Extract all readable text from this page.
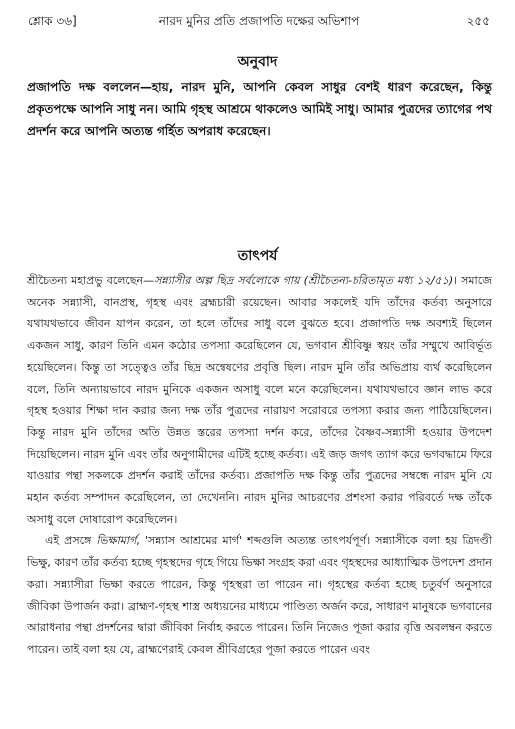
শ্লোক ৩৬]	নারদ মুনির প্রতি প্রজাপতি দক্ষের অভিশাপ	২৫৫
অনুবাদ
প্রজাপতি দক্ষ বললেন—হায়, নারদ মুনি, আপনি কেবল সাধুর বেশই ধারণ করেছেন, কিন্তু প্রকৃতপক্ষে আপনি সাধু নন। আমি গৃহস্থ আশ্রমে থাকলেও আমিই সাধু। আমার পুত্রদের ত্যাগের পথ প্রদর্শন করে আপনি অত্যন্ত গর্হিত অপরাধ করেছেন।
তাৎপর্য

শ্রীচৈতন্য মহাপ্রভু বলেছেন—সন্ন্যাসীর অল্প ছিদ্র সর্বলোকে গায় (শ্রীচৈতন্য-চরিতামৃত মধ্য ১২/৫১)। সমাজে অনেক সন্ন্যাসী, বানপ্রস্থ, গৃহস্থ এবং ব্রহ্মচারী রয়েছেন। আবার সকলেই যদি তাঁদের কর্তব্য অনুসারে যথাযথভাবে জীবন যাপন করেন, তা হলে তাঁদের সাধু বলে বুঝতে হবে। প্রজাপতি দক্ষ অবশ্যই ছিলেন একজন সাধু, কারণ তিনি এমন কঠোর তপস্যা করেছিলেন যে, ভগবান শ্রীবিষ্ণু স্বয়ং তাঁর সম্মুখে আবির্ভূত হয়েছিলেন। কিন্তু তা সত্ত্বেও তাঁর ছিদ্র অন্বেষণের প্রবৃত্তি ছিল। নারদ মুনি তাঁর অভিপ্রায় ব্যর্থ করেছিলেন বলে, তিনি অন্যায়ভাবে নারদ মুনিকে একজন অসাধু বলে মনে করেছিলেন। যথাযথভাবে জ্ঞান লাভ করে গৃহস্থ হওয়ার শিক্ষা দান করার জন্য দক্ষ তাঁর পুত্রদের নারায়ণ সরোবরে তপস্যা করার জন্য পাঠিয়েছিলেন। কিন্তু নারদ মুনি তাঁদের অতি উন্নত স্তরের তপস্যা দর্শন করে, তাঁদের বৈষ্ণব-সন্ন্যাসী হওয়ার উপদেশ দিয়েছিলেন। নারদ মুনি এবং তাঁর অনুগামীদের এটিই হচ্ছে কর্তব্য। এই জড় জগৎ ত্যাগ করে ভগবদ্ধামে ফিরে যাওয়ার পন্থা সকলকে প্রদর্শন করাই তাঁদের কর্তব্য। প্রজাপতি দক্ষ কিন্তু তাঁর পুত্রদের সম্বন্ধে নারদ মুনি যে মহান কর্তব্য সম্পাদন করেছিলেন, তা দেখেননি। নারদ মুনির আচরণের প্রশংসা করার পরিবর্তে দক্ষ তাঁকে অসাধু বলে দোষারোপ করেছিলেন।

এই প্রসঙ্গে ভিক্ষামার্গ, 'সন্ন্যাস আশ্রমের মার্গ' শব্দগুলি অত্যন্ত তাৎপর্যপূর্ণ। সন্ন্যাসীকে বলা হয় ত্রিদণ্ডী ভিক্ষু, কারণ তাঁর কর্তব্য হচ্ছে গৃহস্থদের গৃহে গিয়ে ভিক্ষা সংগ্রহ করা এবং গৃহস্থদের আধ্যাত্মিক উপদেশ প্রদান করা। সন্ন্যাসীরা ভিক্ষা করতে পারেন, কিন্তু গৃহস্থরা তা পারেন না। গৃহস্থের কর্তব্য হচ্ছে চতুর্বর্ণ অনুসারে জীবিকা উপার্জন করা। ব্রাহ্মণ-গৃহস্থ শাস্ত্র অধ্যয়নের মাধ্যমে পাণ্ডিত্য অর্জন করে, সাধারণ মানুষকে ভগবানের আরাধনার পন্থা প্রদর্শনের দ্বারা জীবিকা নির্বাহ করতে পারেন। তিনি নিজেও পূজা করার বৃত্তি অবলম্বন করতে পারেন। তাই বলা হয় যে, ব্রাহ্মণেরাই কেবল শ্রীবিগ্রহের পূজা করতে পারেন এবং
